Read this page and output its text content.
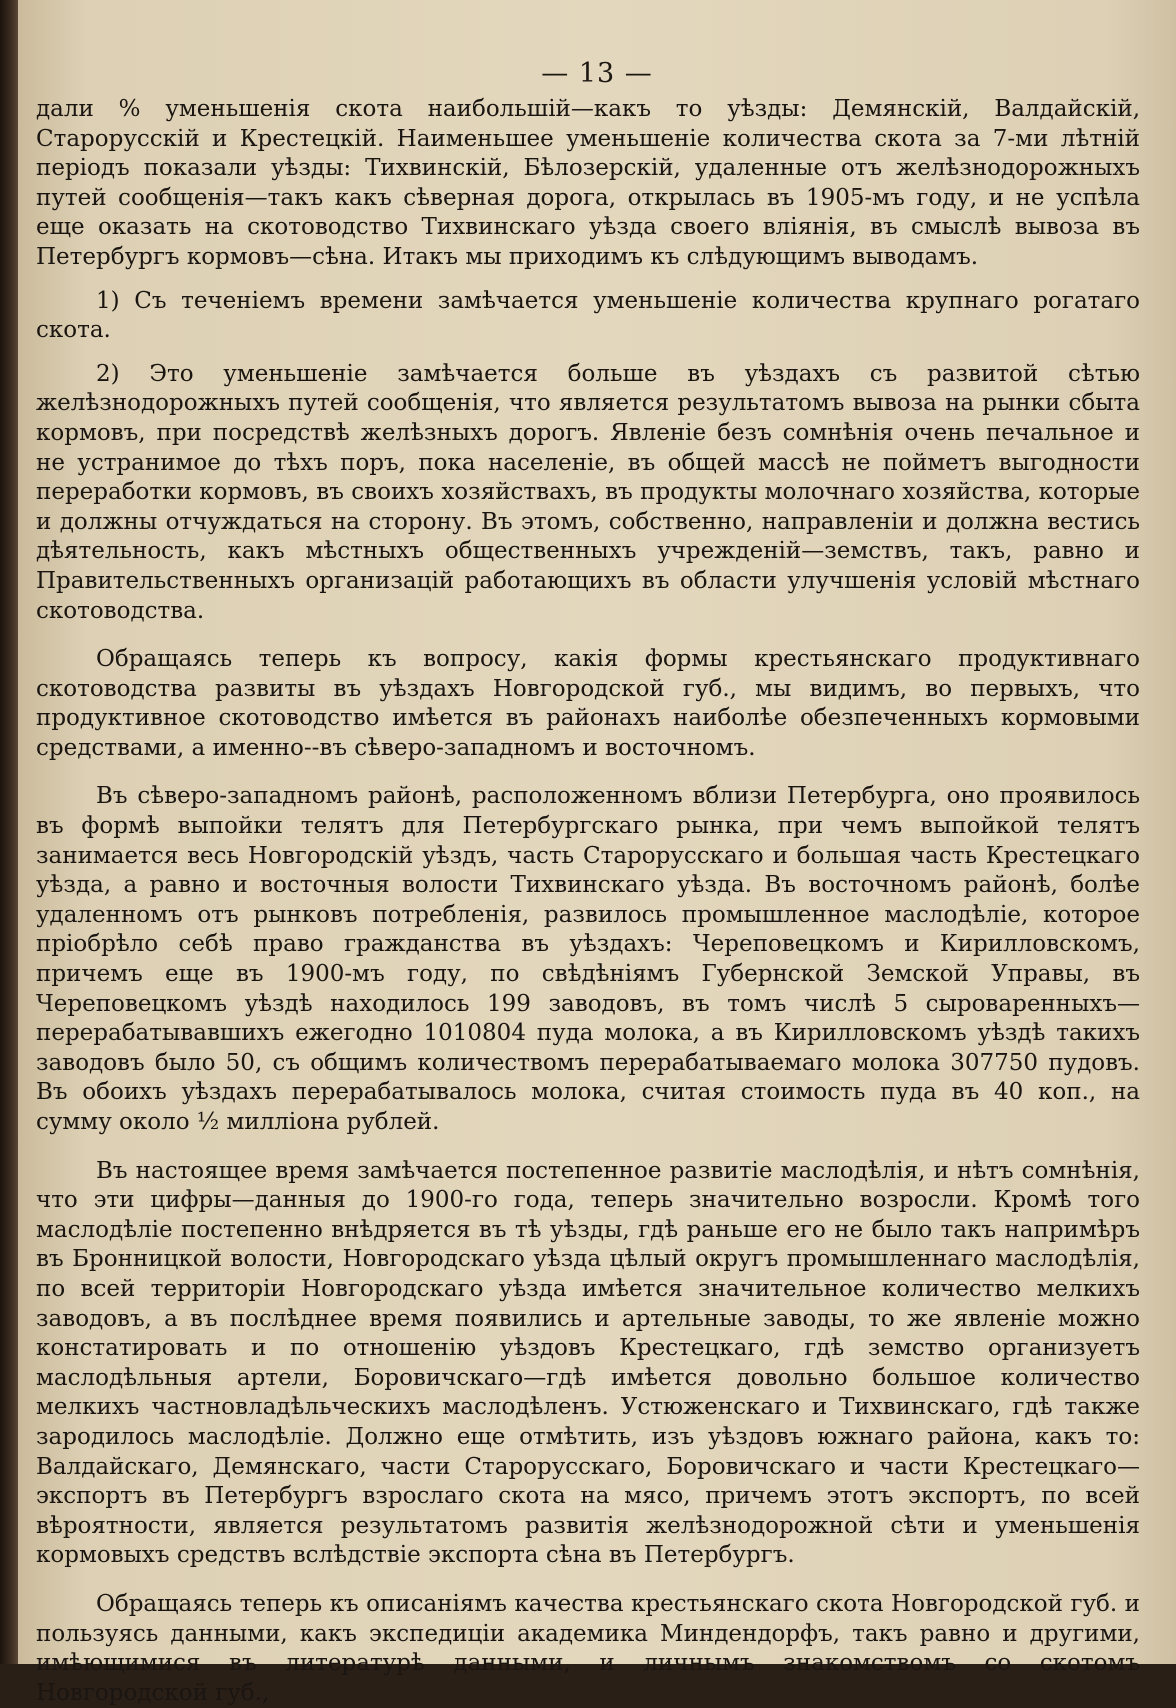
— 13 —

дали % уменьшенія скота наибольшій—какъ то уѣзды: Демянскій, Валдайскій, Старорусскій и Крестецкій. Наименьшее уменьшеніе количества скота за 7-ми лѣтній періодъ показали уѣзды: Тихвинскій, Бѣлозерскій, удаленные отъ желѣзнодорожныхъ путей сообщенія—такъ какъ сѣверная дорога, открылась въ 1905-мъ году, и не успѣла еще оказать на скотоводство Тихвинскаго уѣзда своего вліянія, въ смыслѣ вывоза въ Петербургъ кормовъ—сѣна. Итакъ мы приходимъ къ слѣдующимъ выводамъ.

1) Съ теченіемъ времени замѣчается уменьшеніе количества крупнаго рогатаго скота.

2) Это уменьшеніе замѣчается больше въ уѣздахъ съ развитой сѣтью желѣзнодорожныхъ путей сообщенія, что является результатомъ вывоза на рынки сбыта кормовъ, при посредствѣ желѣзныхъ дорогъ. Явленіе безъ сомнѣнія очень печальное и не устранимое до тѣхъ поръ, пока населеніе, въ общей массѣ не пойметъ выгодности переработки кормовъ, въ своихъ хозяйствахъ, въ продукты молочнаго хозяйства, которые и должны отчуждаться на сторону. Въ этомъ, собственно, направленіи и должна вестись дѣятельность, какъ мѣстныхъ общественныхъ учрежденій—земствъ, такъ, равно и Правительственныхъ организацій работающихъ въ области улучшенія условій мѣстнаго скотоводства.

Обращаясь теперь къ вопросу, какія формы крестьянскаго продуктивнаго скотоводства развиты въ уѣздахъ Новгородской губ., мы видимъ, во первыхъ, что продуктивное скотоводство имѣется въ районахъ наиболѣе обезпеченныхъ кормовыми средствами, а именно--въ сѣверо-западномъ и восточномъ.

Въ сѣверо-западномъ районѣ, расположенномъ вблизи Петербурга, оно проявилось въ формѣ выпойки телятъ для Петербургскаго рынка, при чемъ выпойкой телятъ занимается весь Новгородскій уѣздъ, часть Старорусскаго и большая часть Крестецкаго уѣзда, а равно и восточныя волости Тихвинскаго уѣзда. Въ восточномъ районѣ, болѣе удаленномъ отъ рынковъ потребленія, развилось промышленное маслодѣліе, которое пріобрѣло себѣ право гражданства въ уѣздахъ: Череповецкомъ и Кирилловскомъ, причемъ еще въ 1900-мъ году, по свѣдѣніямъ Губернской Земской Управы, въ Череповецкомъ уѣздѣ находилось 199 заводовъ, въ томъ числѣ 5 сыроваренныхъ—перерабатывавшихъ ежегодно 1010804 пуда молока, а въ Кирилловскомъ уѣздѣ такихъ заводовъ было 50, съ общимъ количествомъ перерабатываемаго молока 307750 пудовъ. Въ обоихъ уѣздахъ перерабатывалось молока, считая стоимость пуда въ 40 коп., на сумму около ½ милліона рублей.

Въ настоящее время замѣчается постепенное развитіе маслодѣлія, и нѣтъ сомнѣнія, что эти цифры—данныя до 1900-го года, теперь значительно возросли. Кромѣ того маслодѣліе постепенно внѣдряется въ тѣ уѣзды, гдѣ раньше его не было такъ напримѣръ въ Бронницкой волости, Новгородскаго уѣзда цѣлый округъ промышленнаго маслодѣлія, по всей территоріи Новгородскаго уѣзда имѣется значительное количество мелкихъ заводовъ, а въ послѣднее время появились и артельные заводы, то же явленіе можно констатировать и по отношенію уѣздовъ Крестецкаго, гдѣ земство организуетъ маслодѣльныя артели, Боровичскаго—гдѣ имѣется довольно большое количество мелкихъ частновладѣльческихъ маслодѣленъ. Устюженскаго и Тихвинскаго, гдѣ также зародилось маслодѣліе. Должно еще отмѣтить, изъ уѣздовъ южнаго района, какъ то: Валдайскаго, Демянскаго, части Старорусскаго, Боровичскаго и части Крестецкаго—экспортъ въ Петербургъ взрослаго скота на мясо, причемъ этотъ экспортъ, по всей вѣроятности, является результатомъ развитія желѣзнодорожной сѣти и уменьшенія кормовыхъ средствъ вслѣдствіе экспорта сѣна въ Петербургъ.

Обращаясь теперь къ описаніямъ качества крестьянскаго скота Новгородской губ. и пользуясь данными, какъ экспедиціи академика Миндендорфъ, такъ равно и другими, имѣющимися въ литературѣ данными, и личнымъ знакомствомъ со скотомъ Новгородской губ.,
